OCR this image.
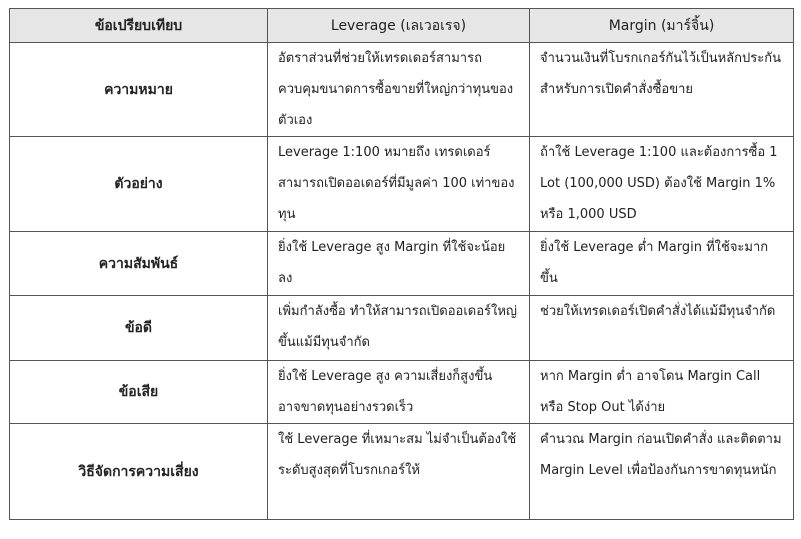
ข้อเปรียบเทียบ	Leverage (เลเวอเรจ)	Margin (มาร์จิ้น)
ความหมาย	อัตราส่วนที่ช่วยให้เทรดเดอร์สามารถควบคุมขนาดการซื้อขายที่ใหญ่กว่าทุนของตัวเอง	จำนวนเงินที่โบรกเกอร์กันไว้เป็นหลักประกันสำหรับการเปิดคำสั่งซื้อขาย
ตัวอย่าง	Leverage 1:100 หมายถึง เทรดเดอร์สามารถเปิดออเดอร์ที่มีมูลค่า 100 เท่าของทุน	ถ้าใช้ Leverage 1:100 และต้องการซื้อ 1 Lot (100,000 USD) ต้องใช้ Margin 1% หรือ 1,000 USD
ความสัมพันธ์	ยิ่งใช้ Leverage สูง Margin ที่ใช้จะน้อยลง	ยิ่งใช้ Leverage ต่ำ Margin ที่ใช้จะมากขึ้น
ข้อดี	เพิ่มกำลังซื้อ ทำให้สามารถเปิดออเดอร์ใหญ่ขึ้นแม้มีทุนจำกัด	ช่วยให้เทรดเดอร์เปิดคำสั่งได้แม้มีทุนจำกัด
ข้อเสีย	ยิ่งใช้ Leverage สูง ความเสี่ยงก็สูงขึ้น อาจขาดทุนอย่างรวดเร็ว	หาก Margin ต่ำ อาจโดน Margin Call หรือ Stop Out ได้ง่าย
วิธีจัดการความเสี่ยง	ใช้ Leverage ที่เหมาะสม ไม่จำเป็นต้องใช้ระดับสูงสุดที่โบรกเกอร์ให้	คำนวณ Margin ก่อนเปิดคำสั่ง และติดตาม Margin Level เพื่อป้องกันการขาดทุนหนัก
